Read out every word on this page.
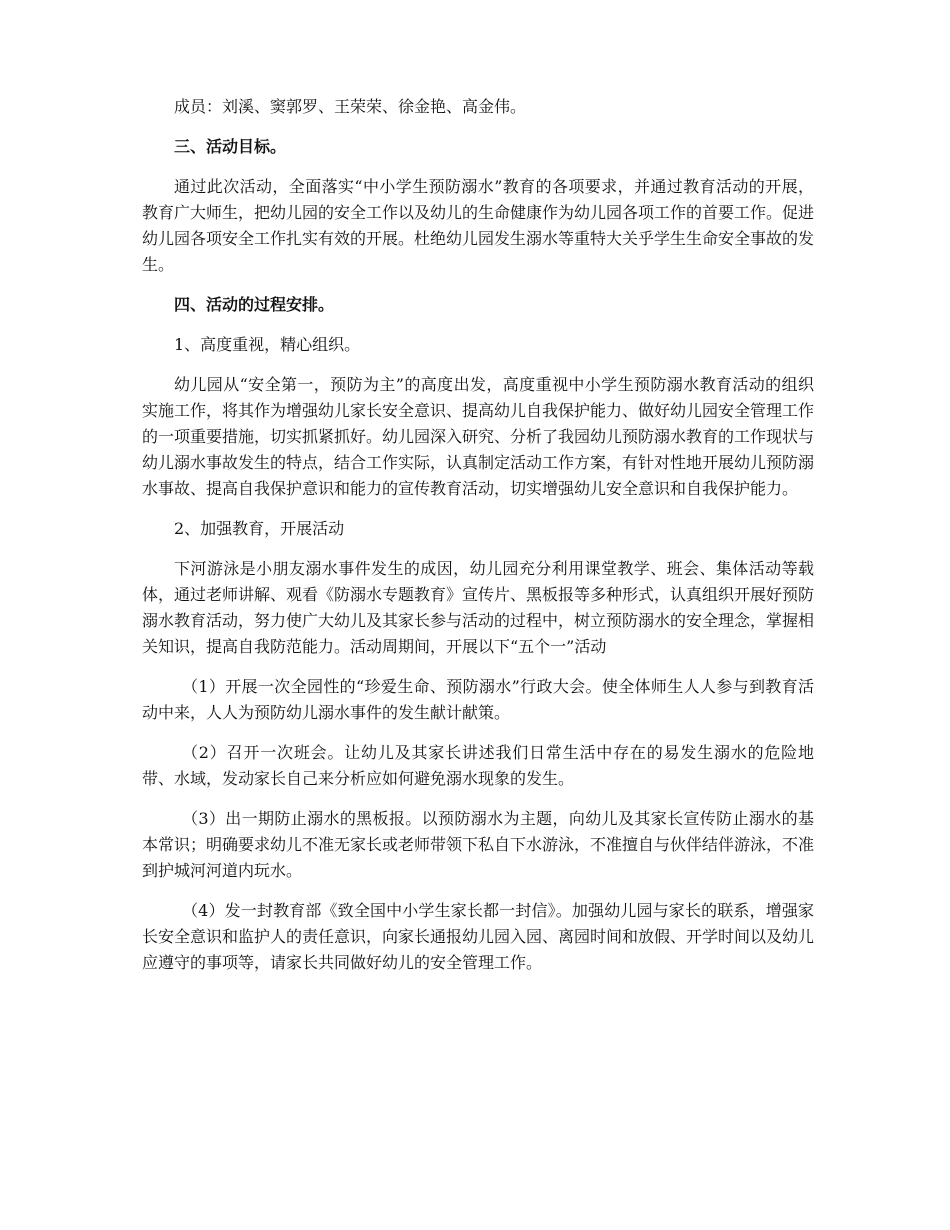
成员：刘溪、窦郭罗、王荣荣、徐金艳、高金伟。

三、活动目标。

通过此次活动，全面落实“中小学生预防溺水”教育的各项要求，并通过教育活动的开展，教育广大师生，把幼儿园的安全工作以及幼儿的生命健康作为幼儿园各项工作的首要工作。促进幼儿园各项安全工作扎实有效的开展。杜绝幼儿园发生溺水等重特大关乎学生生命安全事故的发生。

四、活动的过程安排。

1、高度重视，精心组织。

幼儿园从“安全第一，预防为主”的高度出发，高度重视中小学生预防溺水教育活动的组织实施工作，将其作为增强幼儿家长安全意识、提高幼儿自我保护能力、做好幼儿园安全管理工作的一项重要措施，切实抓紧抓好。幼儿园深入研究、分析了我园幼儿预防溺水教育的工作现状与幼儿溺水事故发生的特点，结合工作实际，认真制定活动工作方案，有针对性地开展幼儿预防溺水事故、提高自我保护意识和能力的宣传教育活动，切实增强幼儿安全意识和自我保护能力。

2、加强教育，开展活动

下河游泳是小朋友溺水事件发生的成因，幼儿园充分利用课堂教学、班会、集体活动等载体，通过老师讲解、观看《防溺水专题教育》宣传片、黑板报等多种形式，认真组织开展好预防溺水教育活动，努力使广大幼儿及其家长参与活动的过程中，树立预防溺水的安全理念，掌握相关知识，提高自我防范能力。活动周期间，开展以下“五个一”活动

（1）开展一次全园性的“珍爱生命、预防溺水”行政大会。使全体师生人人参与到教育活动中来，人人为预防幼儿溺水事件的发生献计献策。

（2）召开一次班会。让幼儿及其家长讲述我们日常生活中存在的易发生溺水的危险地带、水域，发动家长自己来分析应如何避免溺水现象的发生。

（3）出一期防止溺水的黑板报。以预防溺水为主题，向幼儿及其家长宣传防止溺水的基本常识；明确要求幼儿不准无家长或老师带领下私自下水游泳，不准擅自与伙伴结伴游泳，不准到护城河河道内玩水。

（4）发一封教育部《致全国中小学生家长都一封信》。加强幼儿园与家长的联系，增强家长安全意识和监护人的责任意识，向家长通报幼儿园入园、离园时间和放假、开学时间以及幼儿应遵守的事项等，请家长共同做好幼儿的安全管理工作。
